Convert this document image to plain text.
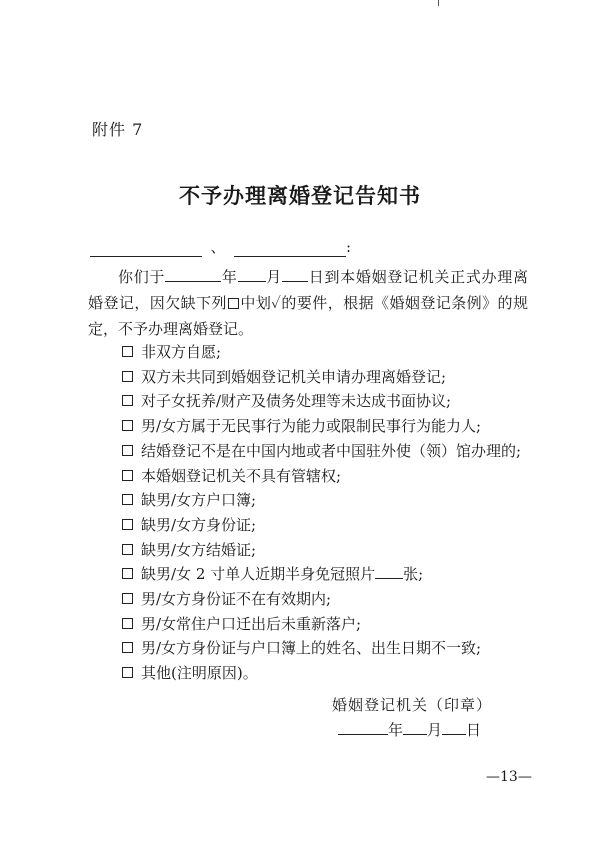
附件 7
不予办理离婚登记告知书
、	:
你们于	年 月 日到本婚姻登记机关正式办理离婚登记，因欠缺下列 中划✓的要件，根据《婚姻登记条例》的规定，不予办理离婚登记。
非双方自愿;
双方未共同到婚姻登记机关申请办理离婚登记;
对子女抚养/财产及债务处理等未达成书面协议;
男/女方属于无民事行为能力或限制民事行为能力人;
结婚登记不是在中国内地或者中国驻外使（领）馆办理的;
本婚姻登记机关不具有管辖权;
缺男/女方户口簿;
缺男/女方身份证;
缺男/女方结婚证;
缺男/女 2 寸单人近期半身免冠照片 张;
男/女方身份证不在有效期内;
男/女常住户口迁出后未重新落户;
男/女方身份证与户口簿上的姓名、出生日期不一致;
其他(注明原因)。
婚姻登记机关（印章）
年 月 日
—13—
